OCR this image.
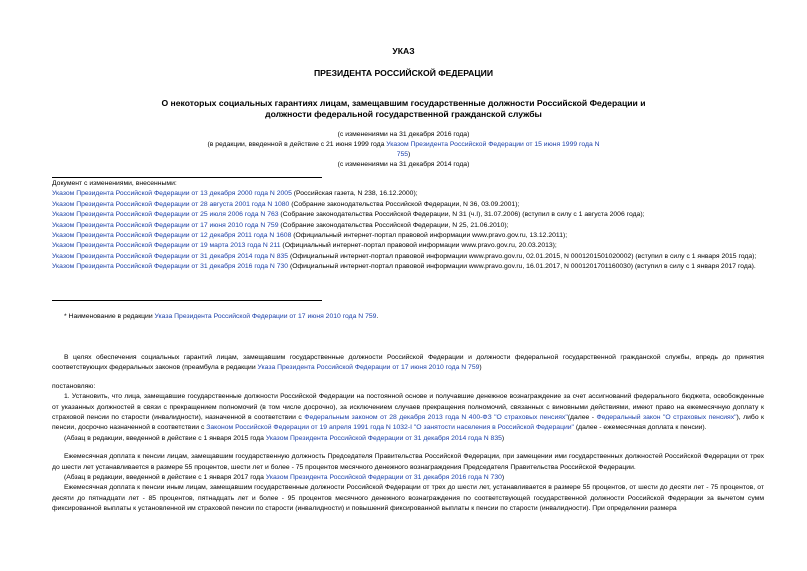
УКАЗ
ПРЕЗИДЕНТА РОССИЙСКОЙ ФЕДЕРАЦИИ
О некоторых социальных гарантиях лицам, замещавшим государственные должности Российской Федерации и должности федеральной государственной гражданской службы
(с изменениями на 31 декабря 2016 года)
(в редакции, введенной в действие с 21 июня 1999 года Указом Президента Российской Федерации от 15 июня 1999 года N 755)
(с изменениями на 31 декабря 2014 года)
Документ с изменениями, внесенными:
Указом Президента Российской Федерации от 13 декабря 2000 года N 2005 (Российская газета, N 238, 16.12.2000);
Указом Президента Российской Федерации от 28 августа 2001 года N 1080 (Собрание законодательства Российской Федерации, N 36, 03.09.2001);
Указом Президента Российской Федерации от 25 июля 2006 года N 763 (Собрание законодательства Российской Федерации, N 31 (ч.I), 31.07.2006) (вступил в силу с 1 августа 2006 года);
Указом Президента Российской Федерации от 17 июня 2010 года N 759 (Собрание законодательства Российской Федерации, N 25, 21.06.2010);
Указом Президента Российской Федерации от 12 декабря 2011 года N 1608 (Официальный интернет-портал правовой информации www.pravo.gov.ru, 13.12.2011);
Указом Президента Российской Федерации от 19 марта 2013 года N 211 (Официальный интернет-портал правовой информации www.pravo.gov.ru, 20.03.2013);
Указом Президента Российской Федерации от 31 декабря 2014 года N 835 (Официальный интернет-портал правовой информации www.pravo.gov.ru, 02.01.2015, N 0001201501020002) (вступил в силу с 1 января 2015 года);
Указом Президента Российской Федерации от 31 декабря 2016 года N 730 (Официальный интернет-портал правовой информации www.pravo.gov.ru, 16.01.2017, N 0001201701160030) (вступил в силу с 1 января 2017 года).
* Наименование в редакции Указа Президента Российской Федерации от 17 июня 2010 года N 759.

В целях обеспечения социальных гарантий лицам, замещавшим государственные должности Российской Федерации и должности федеральной государственной гражданской службы, впредь до принятия соответствующих федеральных законов (преамбула в редакции Указа Президента Российской Федерации от 17 июня 2010 года N 759)

постановляю:

1. Установить, что лица, замещавшие государственные должности Российской Федерации на постоянной основе и получавшие денежное вознаграждение за счет ассигнований федерального бюджета, освобожденные от указанных должностей в связи с прекращением полномочий (в том числе досрочно), за исключением случаев прекращения полномочий, связанных с виновными действиями, имеют право на ежемесячную доплату к страховой пенсии по старости (инвалидности), назначенной в соответствии с Федеральным законом от 28 декабря 2013 года N 400-ФЗ "О страховых пенсиях"(далее - Федеральный закон "О страховых пенсиях"), либо к пенсии, досрочно назначенной в соответствии с Законом Российской Федерации от 19 апреля 1991 года N 1032-I "О занятости населения в Российской Федерации" (далее - ежемесячная доплата к пенсии).

(Абзац в редакции, введенной в действие с 1 января 2015 года Указом Президента Российской Федерации от 31 декабря 2014 года N 835)

Ежемесячная доплата к пенсии лицам, замещавшим государственную должность Председателя Правительства Российской Федерации, при замещении ими государственных должностей Российской Федерации от трех до шести лет устанавливается в размере 55 процентов, шести лет и более - 75 процентов месячного денежного вознаграждения Председателя Правительства Российской Федерации.

(Абзац в редакции, введенной в действие с 1 января 2017 года Указом Президента Российской Федерации от 31 декабря 2016 года N 730)

Ежемесячная доплата к пенсии иным лицам, замещавшим государственные должности Российской Федерации от трех до шести лет, устанавливается в размере 55 процентов, от шести до десяти лет - 75 процентов, от десяти до пятнадцати лет - 85 процентов, пятнадцать лет и более - 95 процентов месячного денежного вознаграждения по соответствующей государственной должности Российской Федерации за вычетом сумм фиксированной выплаты к установленной им страховой пенсии по старости (инвалидности) и повышений фиксированной выплаты к пенсии по старости (инвалидности). При определении размера
